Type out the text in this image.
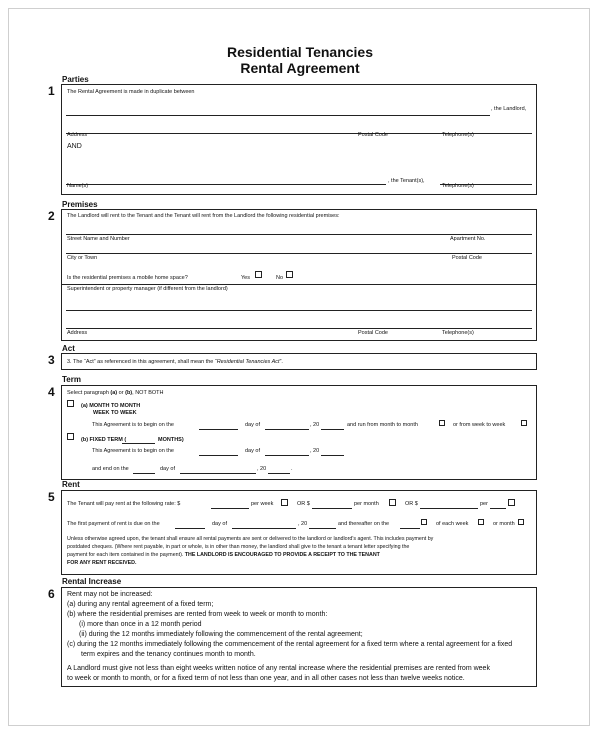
Residential Tenancies
Rental Agreement
Parties
1 The Rental Agreement is made in duplicate between
, the Landlord,
Address	Postal Code	Telephone(s)
AND
, the Tenant(s),
Name(s)	Telephone(s)
Premises
2 The Landlord will rent to the Tenant and the Tenant will rent from the Landlord the following residential premises:
Street Name and Number	Apartment No.
City or Town	Postal Code
Is the residential premises a mobile home space?	Yes	No
Superintendent or property manager (if different from the landlord)
Address	Postal Code	Telephone(s)
Act
3 3. The “Act” as referenced in this agreement, shall mean the “Residential Tenancies Act”.
Term
4 Select paragraph (a) or (b), NOT BOTH
(a) MONTH TO MONTH
WEEK TO WEEK
This Agreement is to begin on the	day of	, 20	and run from month to month	or from week to week
(b) FIXED TERM (	MONTHS)
This Agreement is to begin on the	day of	, 20
and end on the	day of	, 20	.
Rent
5 The Tenant will pay rent at the following rate: $	per week	OR $	per month	OR $	per
The first payment of rent is due on the	day of	, 20	and thereafter on the	of each week	or month
Unless otherwise agreed upon, the tenant shall ensure all rental payments are sent or delivered to the landlord or landlord's agent. This includes payment by
postdated cheques. (Where rent payable, in part or whole, is in other than money, the landlord shall give to the tenant a tenant letter specifying the
payment for each item contained in the payment). THE LANDLORD IS ENCOURAGED TO PROVIDE A RECEIPT TO THE TENANT
FOR ANY RENT RECEIVED.
Rental Increase
6 Rent may not be increased:
(a) during any rental agreement of a fixed term;
(b) where the residential premises are rented from week to week or month to month:
(i) more than once in a 12 month period
(ii) during the 12 months immediately following the commencement of the rental agreement;
(c) during the 12 months immediately following the commencement of the rental agreement for a fixed term where a rental agreement for a fixed
term expires and the tenancy continues month to month.
A Landlord must give not less than eight weeks written notice of any rental increase where the residential premises are rented from week
to week or month to month, or for a fixed term of not less than one year, and in all other cases not less than twelve weeks notice.
